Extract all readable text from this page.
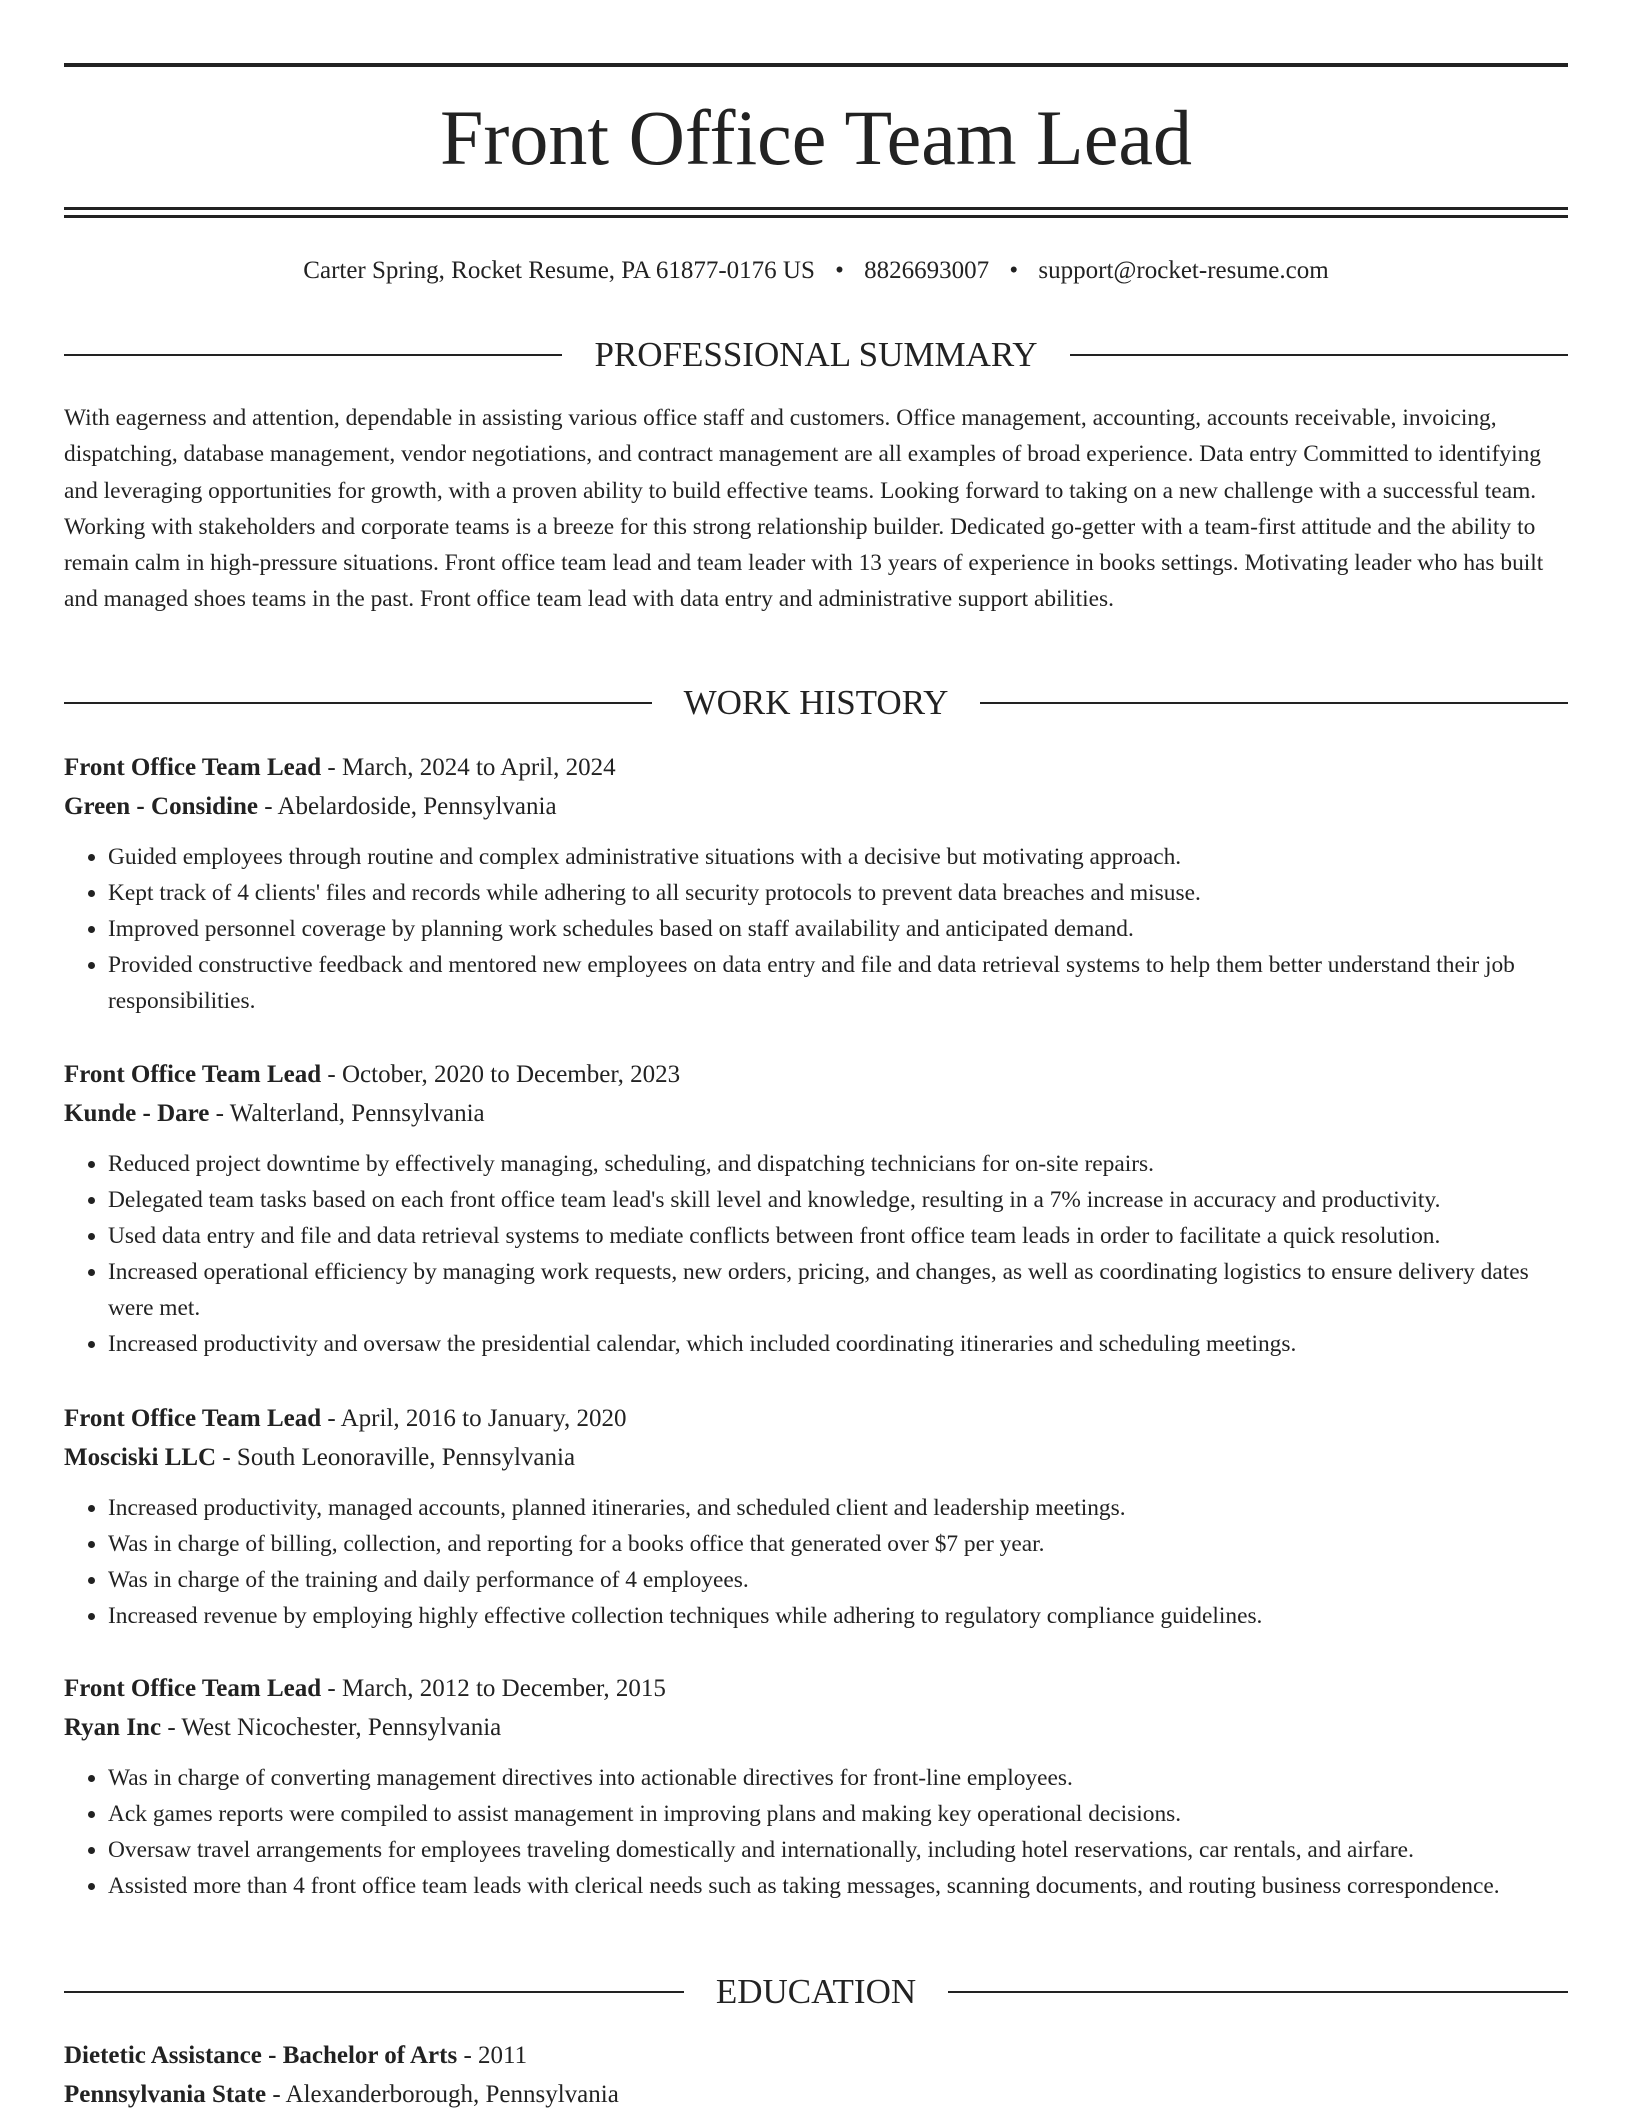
Front Office Team Lead
Carter Spring, Rocket Resume, PA 61877-0176 US • 8826693007 • support@rocket-resume.com
PROFESSIONAL SUMMARY

With eagerness and attention, dependable in assisting various office staff and customers. Office management, accounting, accounts receivable, invoicing, dispatching, database management, vendor negotiations, and contract management are all examples of broad experience. Data entry Committed to identifying and leveraging opportunities for growth, with a proven ability to build effective teams. Looking forward to taking on a new challenge with a successful team. Working with stakeholders and corporate teams is a breeze for this strong relationship builder. Dedicated go-getter with a team-first attitude and the ability to remain calm in high-pressure situations. Front office team lead and team leader with 13 years of experience in books settings. Motivating leader who has built and managed shoes teams in the past. Front office team lead with data entry and administrative support abilities.

WORK HISTORY

Front Office Team Lead - March, 2024 to April, 2024

Green - Considine - Abelardoside, Pennsylvania

• Guided employees through routine and complex administrative situations with a decisive but motivating approach.
• Kept track of 4 clients' files and records while adhering to all security protocols to prevent data breaches and misuse.
• Improved personnel coverage by planning work schedules based on staff availability and anticipated demand.
• Provided constructive feedback and mentored new employees on data entry and file and data retrieval systems to help them better understand their job responsibilities.

Front Office Team Lead - October, 2020 to December, 2023

Kunde - Dare - Walterland, Pennsylvania

• Reduced project downtime by effectively managing, scheduling, and dispatching technicians for on-site repairs.
• Delegated team tasks based on each front office team lead's skill level and knowledge, resulting in a 7% increase in accuracy and productivity.
• Used data entry and file and data retrieval systems to mediate conflicts between front office team leads in order to facilitate a quick resolution.
• Increased operational efficiency by managing work requests, new orders, pricing, and changes, as well as coordinating logistics to ensure delivery dates were met.
• Increased productivity and oversaw the presidential calendar, which included coordinating itineraries and scheduling meetings.

Front Office Team Lead - April, 2016 to January, 2020

Mosciski LLC - South Leonoraville, Pennsylvania

• Increased productivity, managed accounts, planned itineraries, and scheduled client and leadership meetings.
• Was in charge of billing, collection, and reporting for a books office that generated over $7 per year.
• Was in charge of the training and daily performance of 4 employees.
• Increased revenue by employing highly effective collection techniques while adhering to regulatory compliance guidelines.

Front Office Team Lead - March, 2012 to December, 2015

Ryan Inc - West Nicochester, Pennsylvania

• Was in charge of converting management directives into actionable directives for front-line employees.
• Ack games reports were compiled to assist management in improving plans and making key operational decisions.
• Oversaw travel arrangements for employees traveling domestically and internationally, including hotel reservations, car rentals, and airfare.
• Assisted more than 4 front office team leads with clerical needs such as taking messages, scanning documents, and routing business correspondence.
EDUCATION

Dietetic Assistance - Bachelor of Arts - 2011

Pennsylvania State - Alexanderborough, Pennsylvania
